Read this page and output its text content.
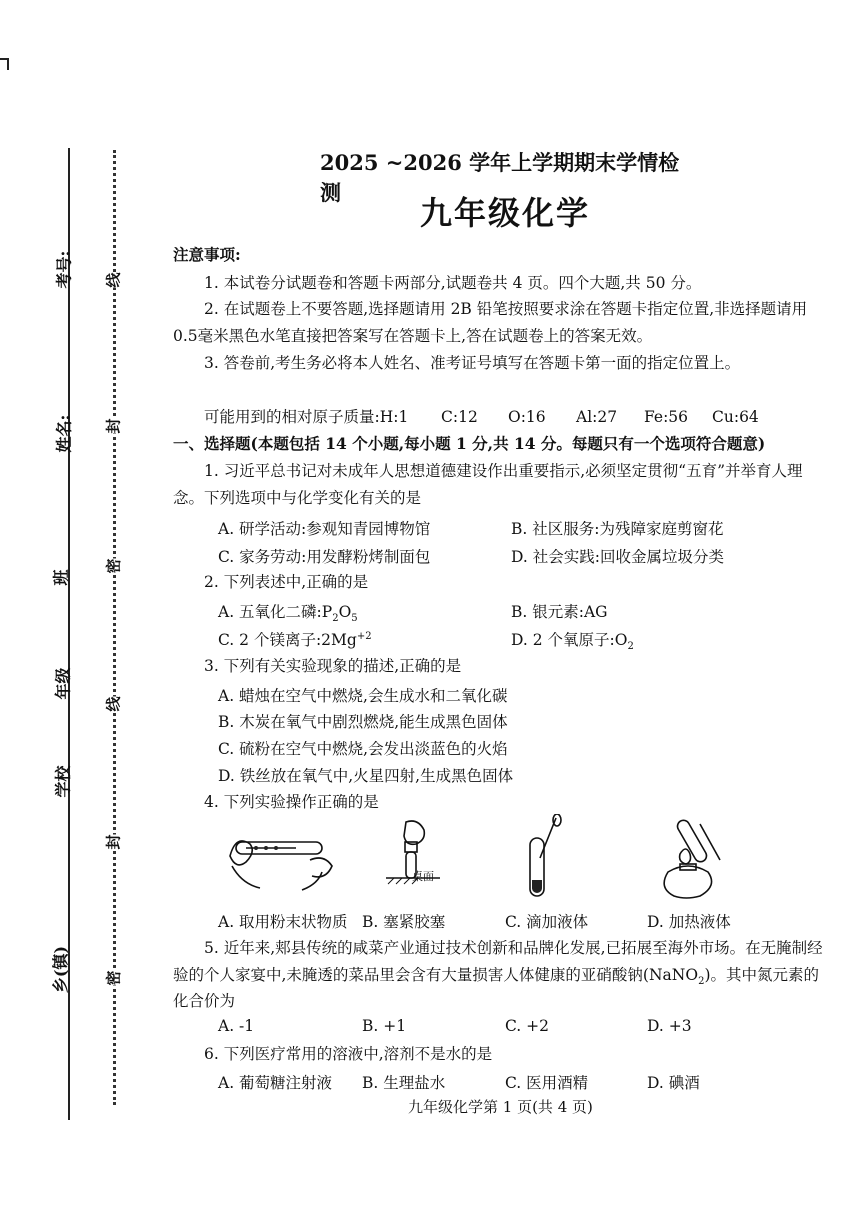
考号:
姓名:
班
年级
学校
乡(镇)
线
封
密
线
封
密
2025 ~2026 学年上学期期末学情检测
九年级化学
注意事项:
1. 本试卷分试题卷和答题卡两部分,试题卷共 4 页。四个大题,共 50 分。
2. 在试题卷上不要答题,选择题请用 2B 铅笔按照要求涂在答题卡指定位置,非选择题请用
0.5毫米黑色水笔直接把答案写在答题卡上,答在试题卷上的答案无效。
3. 答卷前,考生务必将本人姓名、准考证号填写在答题卡第一面的指定位置上。
可能用到的相对原子质量:H:1 C:12 O:16 Al:27 Fe:56 Cu:64
一、选择题(本题包括 14 个小题,每小题 1 分,共 14 分。每题只有一个选项符合题意)
1. 习近平总书记对未成年人思想道德建设作出重要指示,必须坚定贯彻“五育”并举育人理
念。下列选项中与化学变化有关的是
A. 研学活动:参观知青园博物馆	B. 社区服务:为残障家庭剪窗花
C. 家务劳动:用发酵粉烤制面包	D. 社会实践:回收金属垃圾分类
2. 下列表述中,正确的是
A. 五氧化二磷$:P_2O_5$	B. 银元素:AG
C. 2 个镁离子$:2Mg^{+2}$	D. 2 个氧原子$:O_2$
3. 下列有关实验现象的描述,正确的是
A. 蜡烛在空气中燃烧,会生成水和二氧化碳
B. 木炭在氧气中剧烈燃烧,能生成黑色固体
C. 硫粉在空气中燃烧,会发出淡蓝色的火焰
D. 铁丝放在氧气中,火星四射,生成黑色固体
4. 下列实验操作正确的是
桌面
A. 取用粉末状物质 B. 塞紧胶塞	C. 滴加液体	D. 加热液体
5. 近年来,郏县传统的咸菜产业通过技术创新和品牌化发展,已拓展至海外市场。在无腌制经
验的个人家宴中,未腌透的菜品里会含有大量损害人体健康的亚硝酸钠(NaNO$_2$)。其中氮元素的
化合价为
A. -1	B. +1	C. +2	D. +3
6. 下列医疗常用的溶液中,溶剂不是水的是
A. 葡萄糖注射液 B. 生理盐水	C. 医用酒精	D. 碘酒
九年级化学第 1 页(共 4 页)
